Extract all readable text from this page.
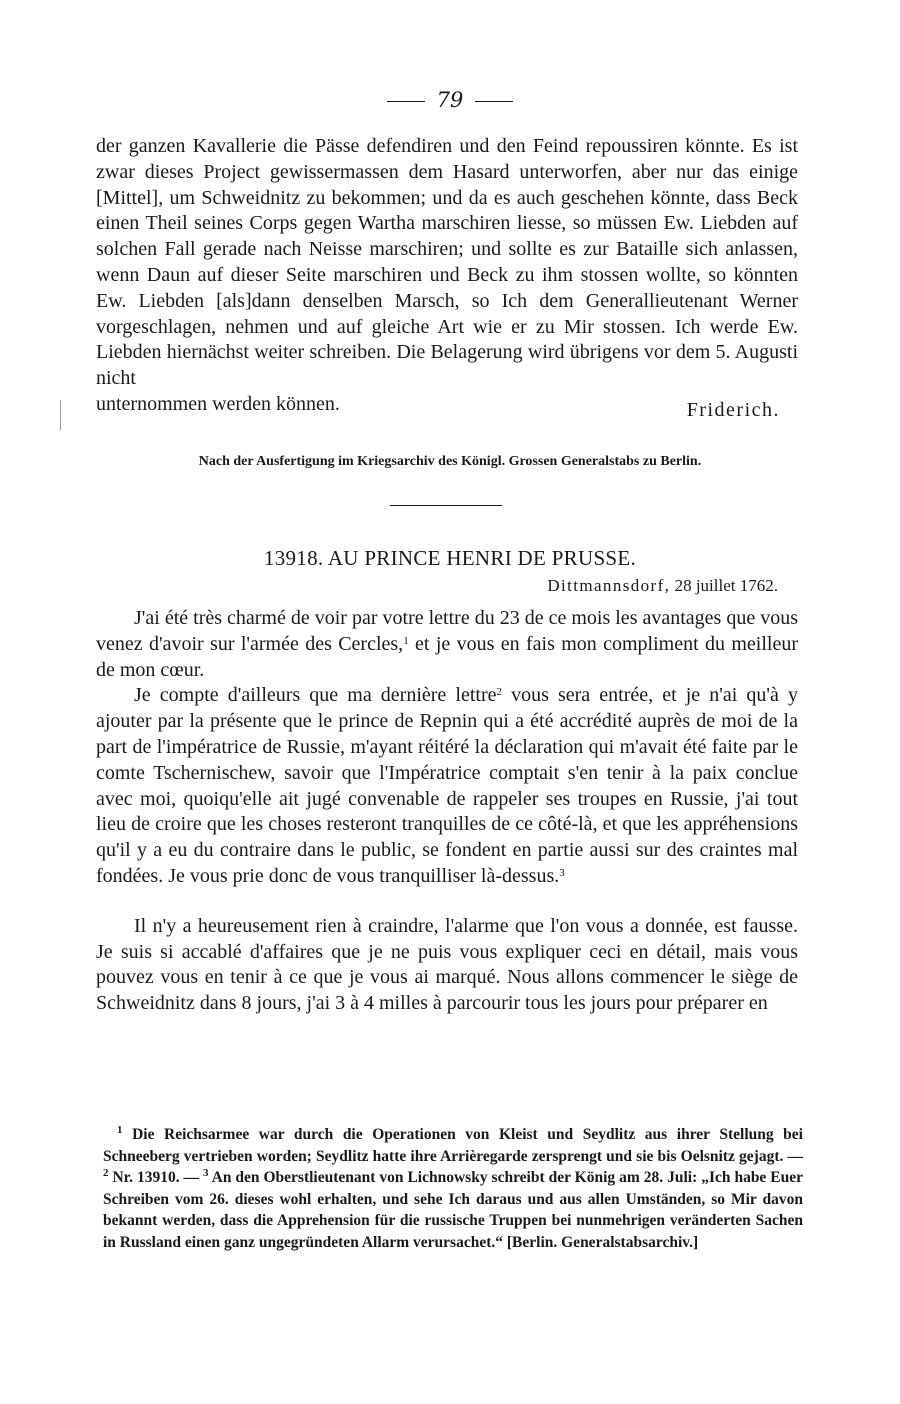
79

der ganzen Kavallerie die Pässe defendiren und den Feind repoussiren könnte. Es ist zwar dieses Project gewissermassen dem Hasard unterworfen, aber nur das einige [Mittel], um Schweidnitz zu bekommen; und da es auch geschehen könnte, dass Beck einen Theil seines Corps gegen Wartha marschiren liesse, so müssen Ew. Liebden auf solchen Fall gerade nach Neisse marschiren; und sollte es zur Bataille sich anlassen, wenn Daun auf dieser Seite marschiren und Beck zu ihm stossen wollte, so könnten Ew. Liebden [als]dann denselben Marsch, so Ich dem Generallieutenant Werner vorgeschlagen, nehmen und auf gleiche Art wie er zu Mir stossen. Ich werde Ew. Liebden hiernächst weiter schreiben. Die Belagerung wird übrigens vor dem 5. Augusti nicht

unternommen werden können.	Friderich.
Nach der Ausfertigung im Kriegsarchiv des Königl. Grossen Generalstabs zu Berlin.
13918. AU PRINCE HENRI DE PRUSSE.
Dittmannsdorf, 28 juillet 1762.

J'ai été très charmé de voir par votre lettre du 23 de ce mois les avantages que vous venez d'avoir sur l'armée des Cercles,$^1$ et je vous en fais mon compliment du meilleur de mon cœur.

Je compte d'ailleurs que ma dernière lettre$^2$ vous sera entrée, et je n'ai qu'à y ajouter par la présente que le prince de Repnin qui a été accrédité auprès de moi de la part de l'impératrice de Russie, m'ayant réitéré la déclaration qui m'avait été faite par le comte Tschernischew, savoir que l'Impératrice comptait s'en tenir à la paix conclue avec moi, quoiqu'elle ait jugé convenable de rappeler ses troupes en Russie, j'ai tout lieu de croire que les choses resteront tranquilles de ce côté-là, et que les appréhensions qu'il y a eu du contraire dans le public, se fondent en partie aussi sur des craintes mal fondées. Je vous prie donc de vous tranquilliser là-dessus.$^3$

Il n'y a heureusement rien à craindre, l'alarme que l'on vous a donnée, est fausse. Je suis si accablé d'affaires que je ne puis vous expliquer ceci en détail, mais vous pouvez vous en tenir à ce que je vous ai marqué. Nous allons commencer le siège de Schweidnitz dans 8 jours, j'ai 3 à 4 milles à parcourir tous les jours pour préparer en

$^1$ Die Reichsarmee war durch die Operationen von Kleist und Seydlitz aus ihrer Stellung bei Schneeberg vertrieben worden; Seydlitz hatte ihre Arrièregarde zersprengt und sie bis Oelsnitz gejagt. — $^2$ Nr. 13910. — $^3$ An den Oberstlieutenant von Lichnowsky schreibt der König am 28. Juli: „Ich habe Euer Schreiben vom 26. dieses wohl erhalten, und sehe Ich daraus und aus allen Umständen, so Mir davon bekannt werden, dass die Apprehension für die russische Truppen bei nunmehrigen veränderten Sachen in Russland einen ganz ungegründeten Allarm verursachet.“ [Berlin. Generalstabsarchiv.]
